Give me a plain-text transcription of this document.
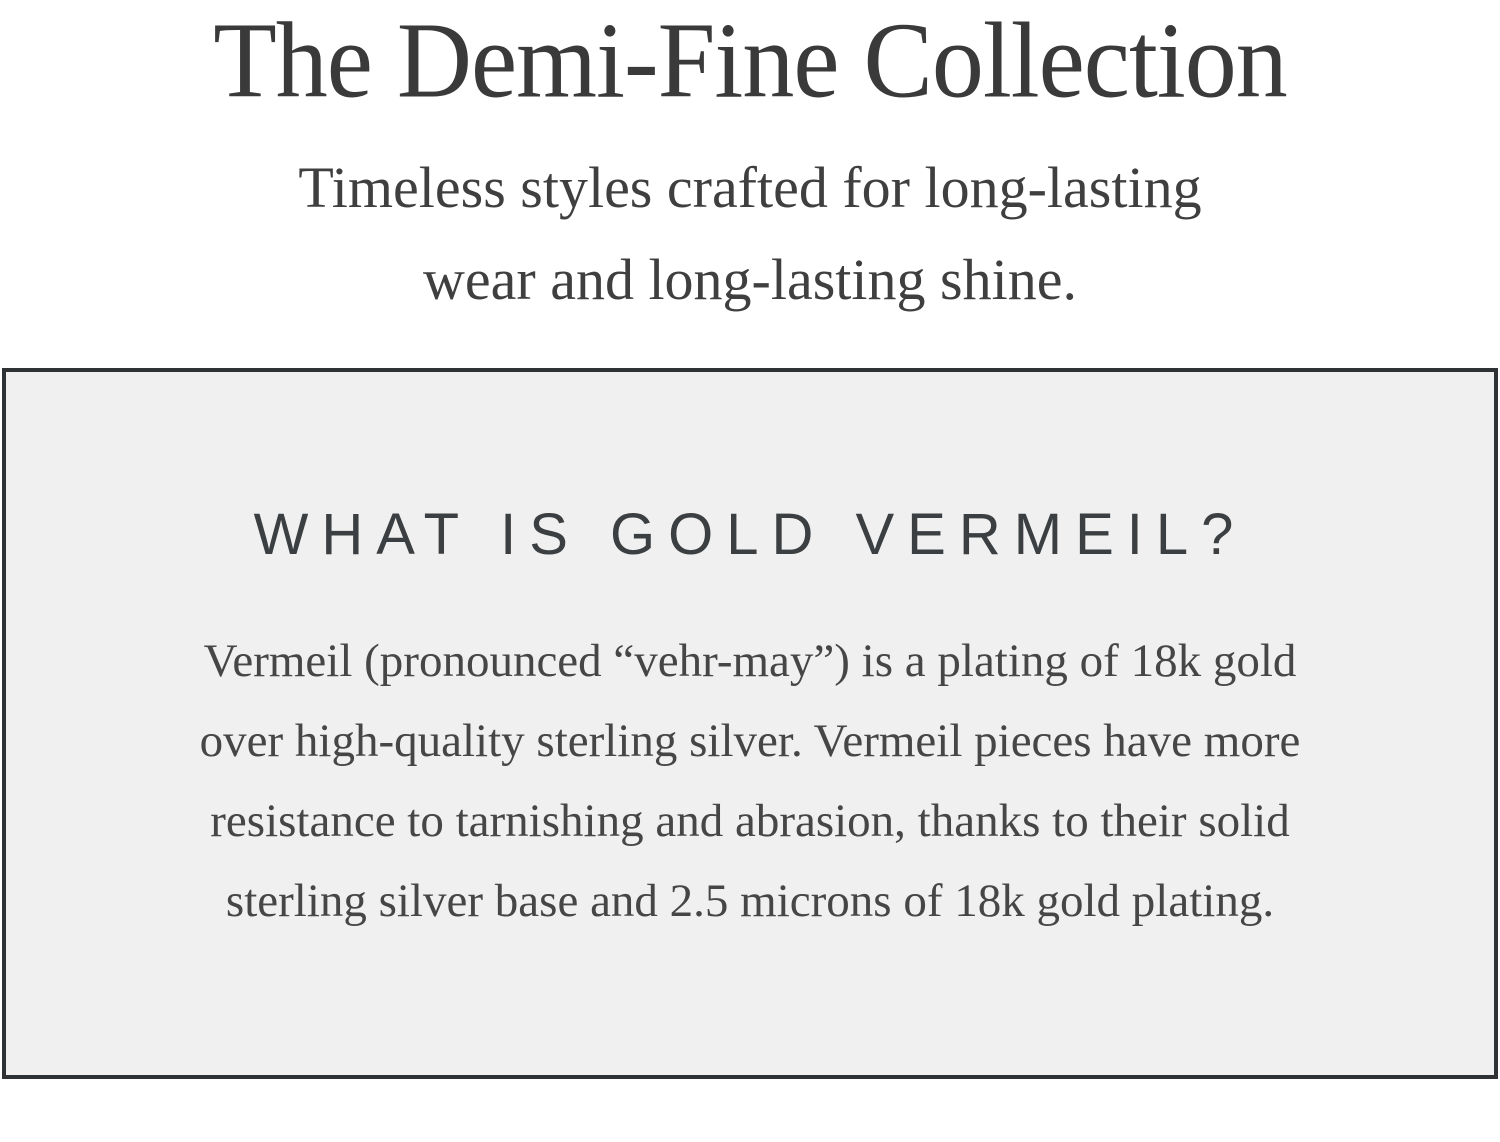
The Demi-Fine Collection
Timeless styles crafted for long-lasting
wear and long-lasting shine.
WHAT IS GOLD VERMEIL?
Vermeil (pronounced “vehr-may”) is a plating of 18k gold
over high-quality sterling silver. Vermeil pieces have more
resistance to tarnishing and abrasion, thanks to their solid
sterling silver base and 2.5 microns of 18k gold plating.
